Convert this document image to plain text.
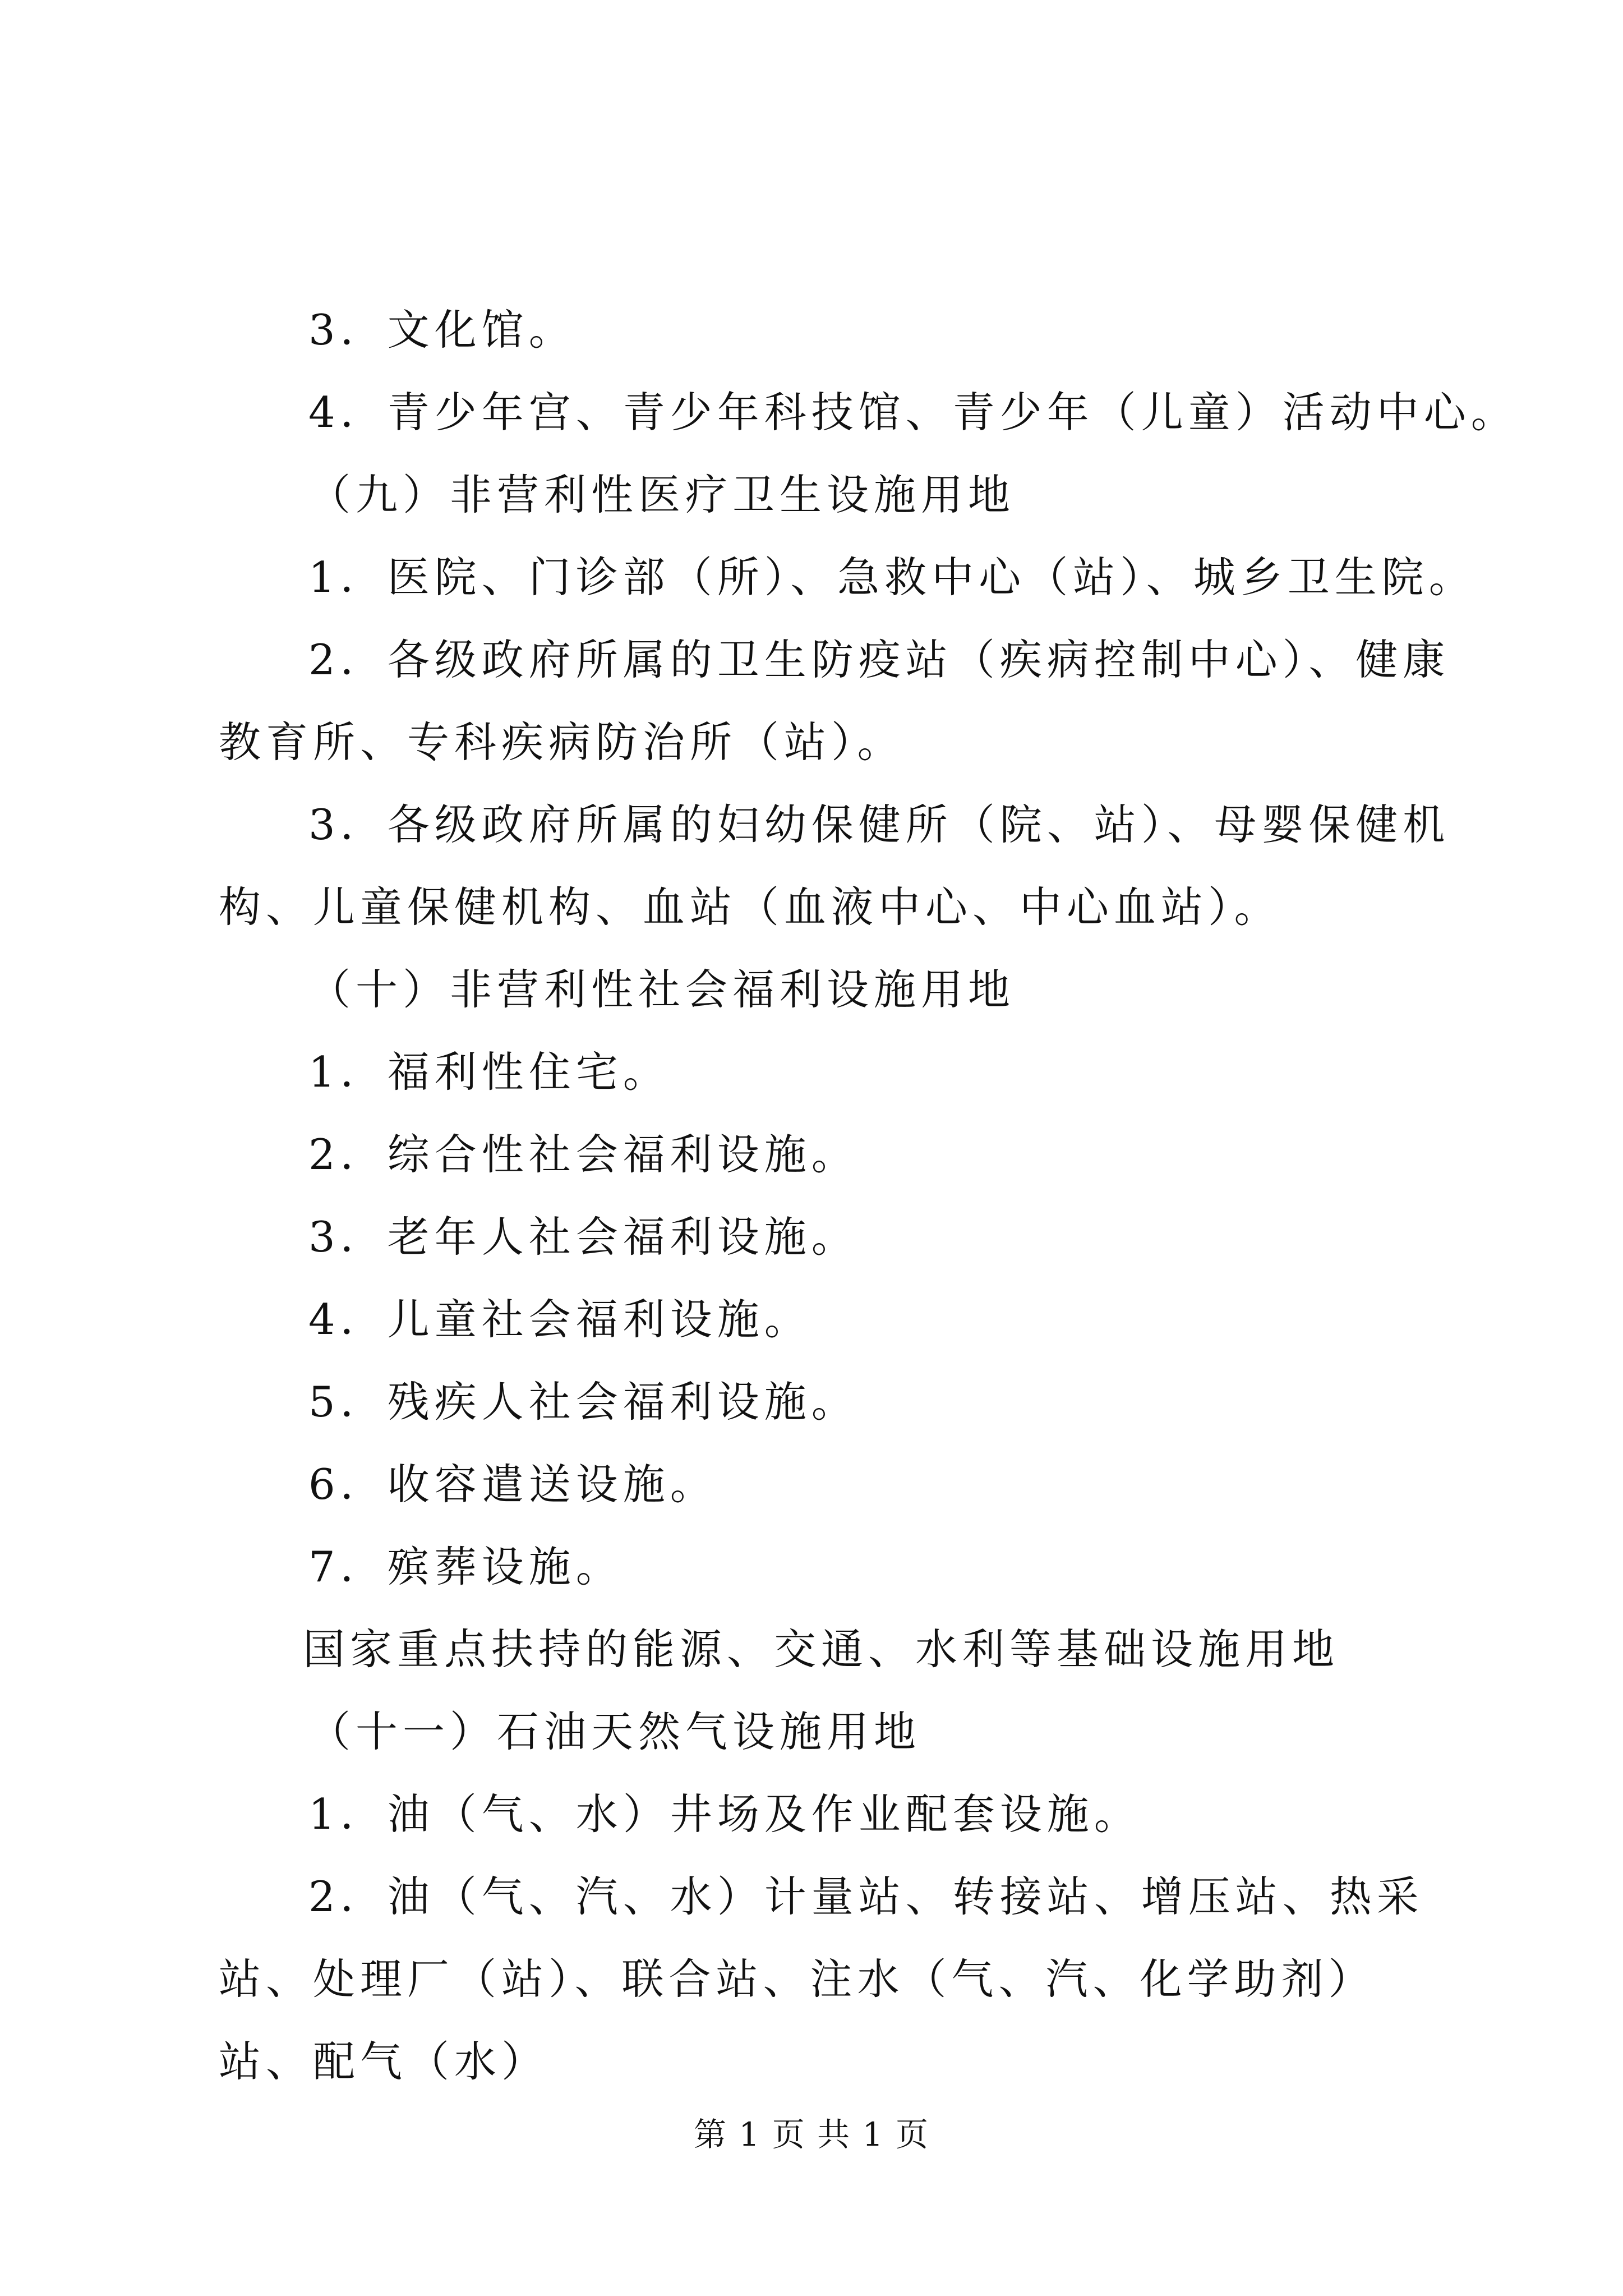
3．文化馆。

4．青少年宫、青少年科技馆、青少年（儿童）活动中心。

（九）非营利性医疗卫生设施用地

1．医院、门诊部（所）、急救中心（站）、城乡卫生院。

2．各级政府所属的卫生防疫站（疾病控制中心）、健康教育所、专科疾病防治所（站）。

3．各级政府所属的妇幼保健所（院、站）、母婴保健机构、儿童保健机构、血站（血液中心、中心血站）。

（十）非营利性社会福利设施用地

1．福利性住宅。

2．综合性社会福利设施。

3．老年人社会福利设施。

4．儿童社会福利设施。

5．残疾人社会福利设施。

6．收容遣送设施。

7．殡葬设施。

国家重点扶持的能源、交通、水利等基础设施用地

（十一）石油天然气设施用地

1．油（气、水）井场及作业配套设施。

2．油（气、汽、水）计量站、转接站、增压站、热采站、处理厂（站）、联合站、注水（气、汽、化学助剂）站、配气（水）

第 1 页 共 1 页
